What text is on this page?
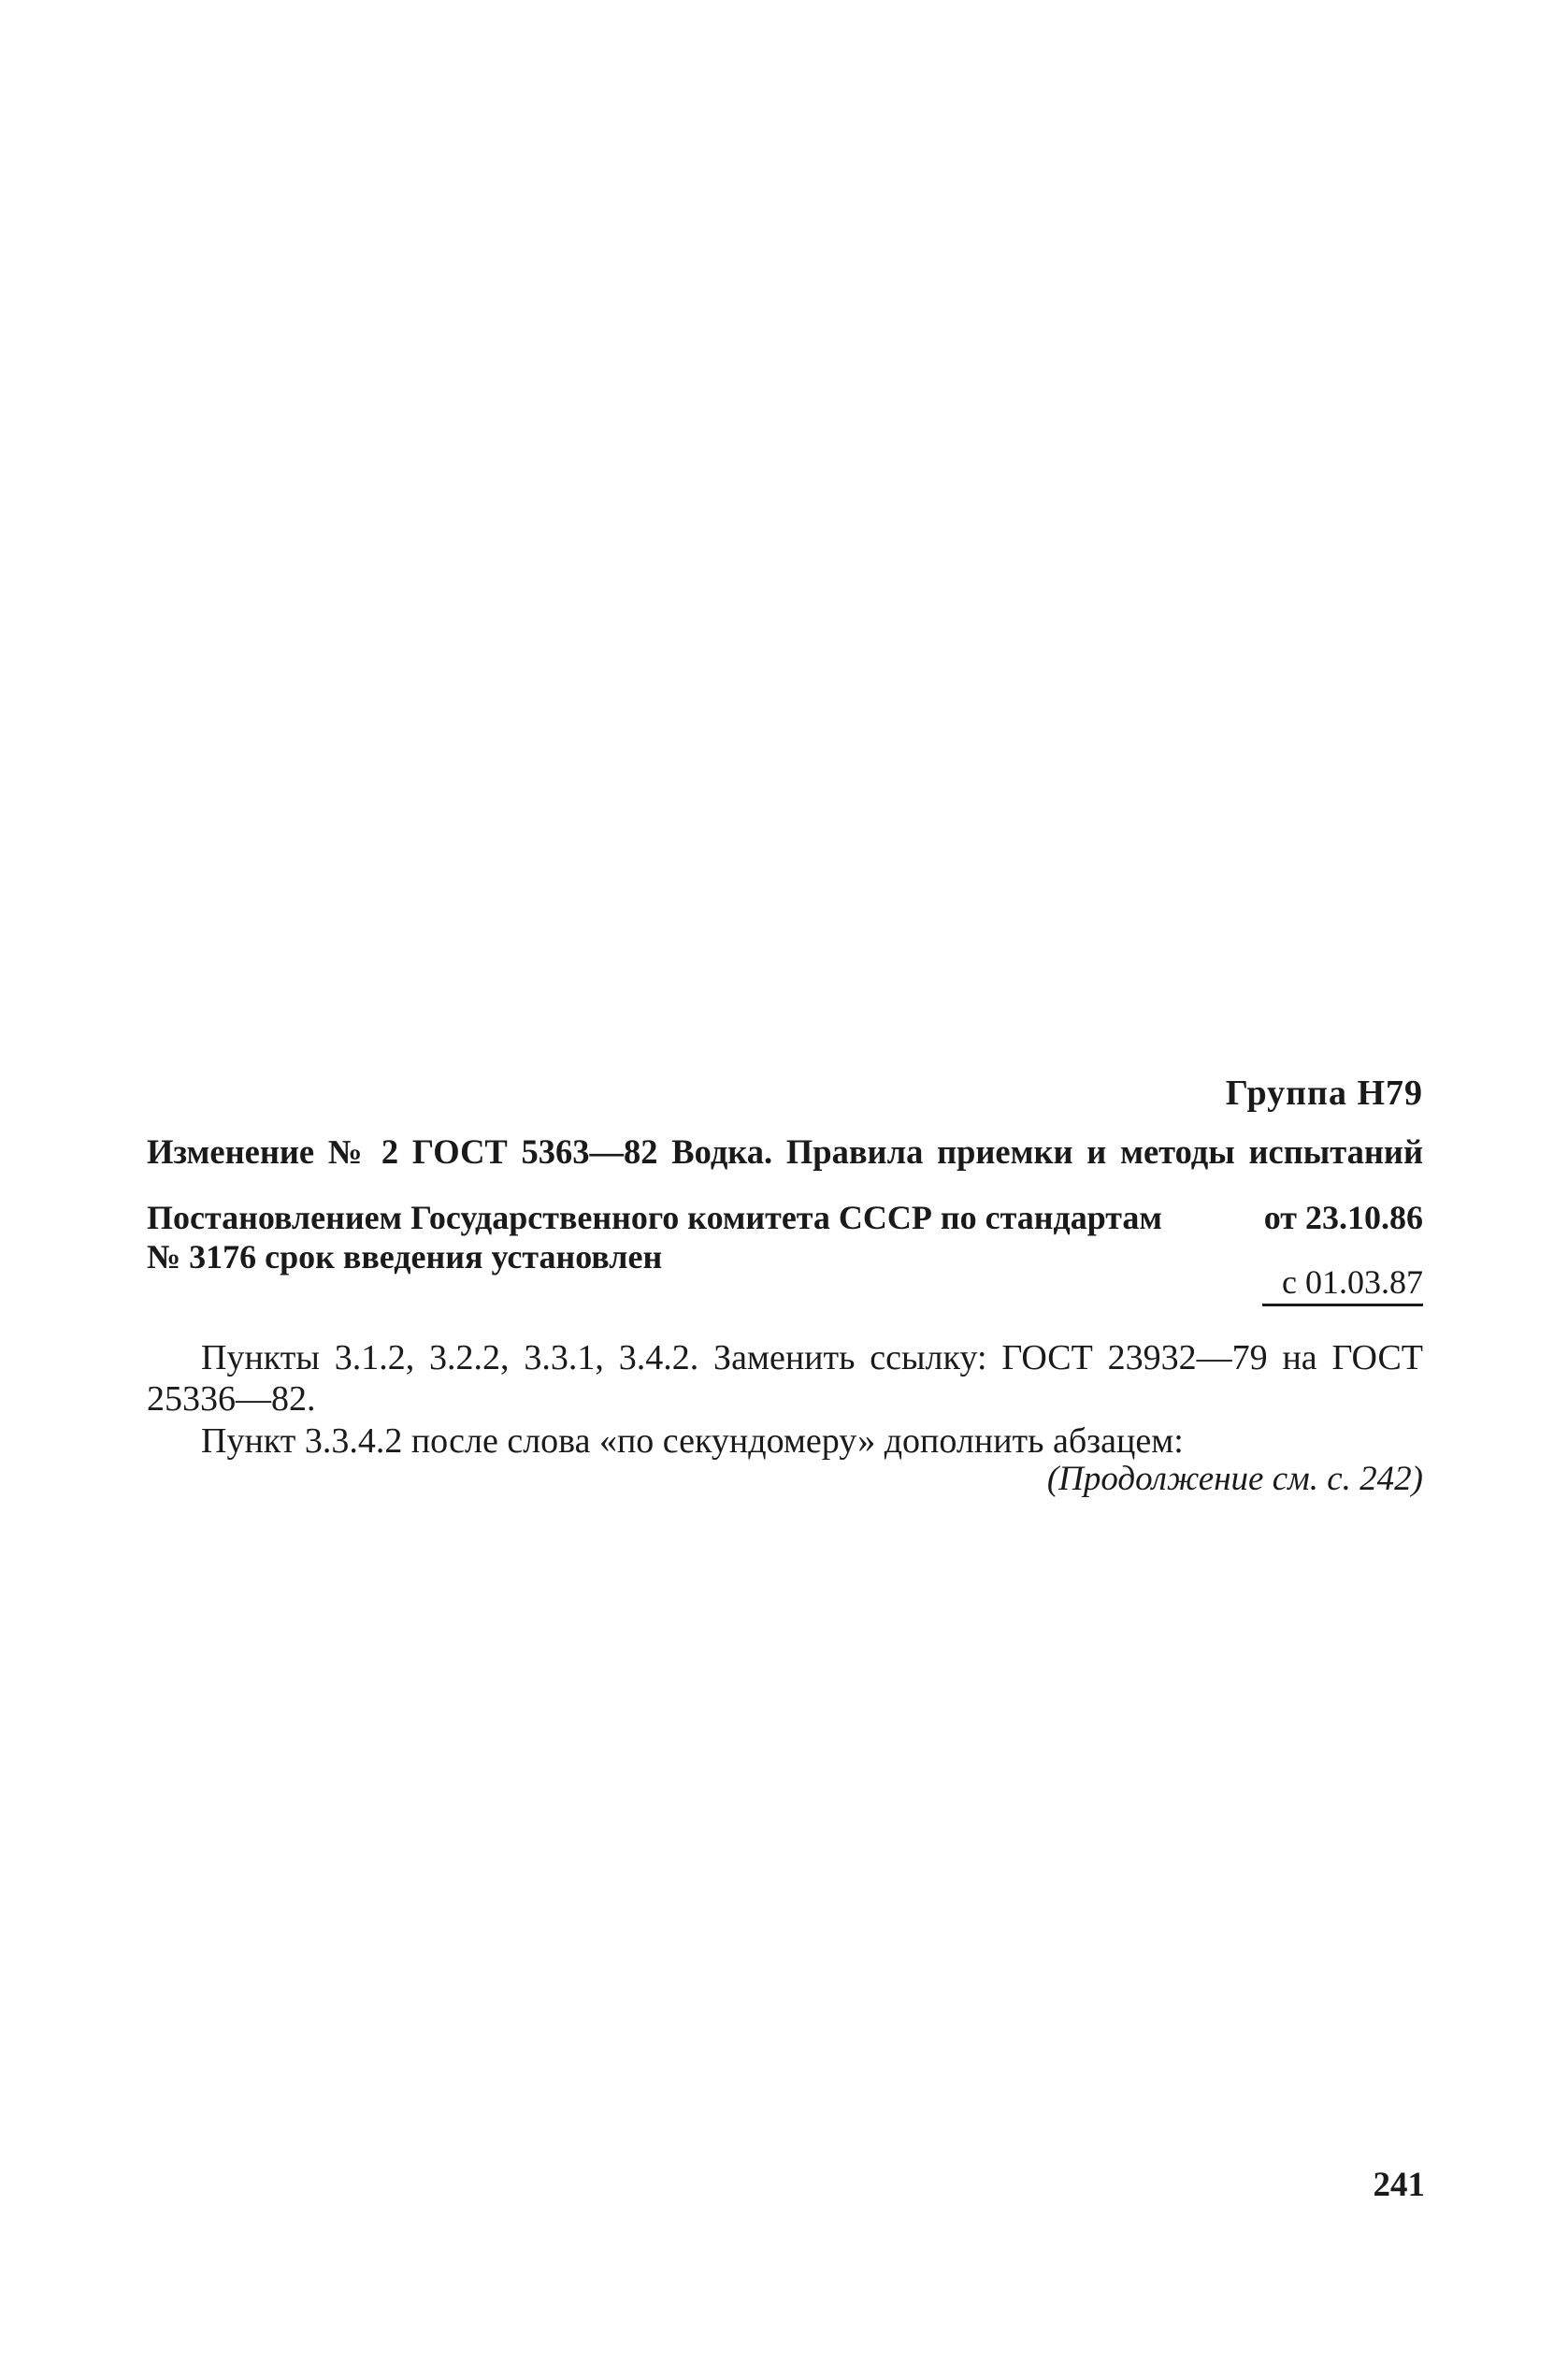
Группа Н79
Изменение № 2 ГОСТ 5363—82 Водка. Правила приемки и методы испытаний
Постановлением Государственного комитета СССР по стандартам	от 23.10.86
№ 3176 срок введения установлен
с 01.03.87
Пункты 3.1.2, 3.2.2, 3.3.1, 3.4.2. Заменить ссылку: ГОСТ 23932—79 на ГОСТ 25336—82.
Пункт 3.3.4.2 после слова «по секундомеру» дополнить абзацем:
(Продолжение см. с. 242)
241
